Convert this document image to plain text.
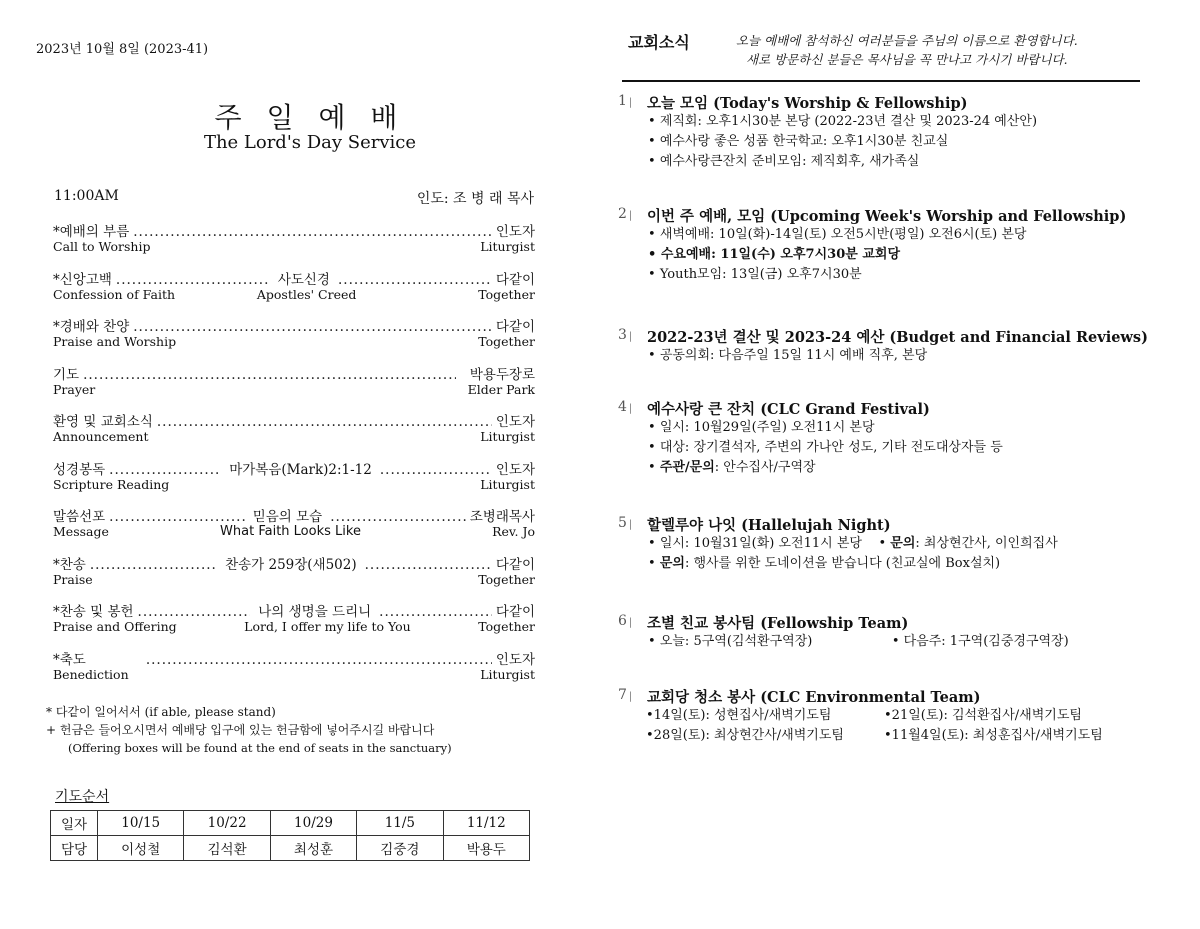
2023년 10월 8일 (2023-41)
주 일 예 배
The Lord's Day Service
11:00AM	인도: 조 병 래 목사
*예배의 부름 .....	인도자
Call to Worship	Liturgist
*신앙고백 .....	사도신경 .....	다같이
Confession of Faith	Apostles' Creed	Together
*경배와 찬양 .....	다같이
Praise and Worship	Together
기도 .....	박용두장로
Prayer	Elder Park
환영 및 교회소식 .....	인도자
Announcement	Liturgist
성경봉독 .....	마가복음(Mark)2:1-12 .....	인도자
Scripture Reading	Liturgist
말씀선포 .....	믿음의 모습 .....	조병래목사
Message	What Faith Looks Like	Rev. Jo
*찬송 .....	찬송가 259장(새502) .....	다같이
Praise	Together
*찬송 및 봉헌 .....	나의 생명을 드리니 .....	다같이
Praise and Offering	Lord, I offer my life to You	Together
*축도 .....	인도자
Benediction	Liturgist
* 다같이 일어서서 (if able, please stand)
+ 헌금은 들어오시면서 예배당 입구에 있는 헌금함에 넣어주시길 바랍니다
(Offering boxes will be found at the end of seats in the sanctuary)
기도순서
일자	10/15	10/22	10/29	11/5	11/12
담당	이성철	김석환	최성훈	김중경	박용두
교회소식	오늘 예배에 참석하신 여러분들을 주님의 이름으로 환영합니다.
새로 방문하신 분들은 목사님을 꼭 만나고 가시기 바랍니다.
1 |	오늘 모임 (Today's Worship & Fellowship)
• 제직회: 오후1시30분 본당 (2022-23년 결산 및 2023-24 예산안)
• 예수사랑 좋은 성품 한국학교: 오후1시30분 친교실
• 예수사랑큰잔치 준비모임: 제직회후, 새가족실
2 |	이번 주 예배, 모임 (Upcoming Week's Worship and Fellowship)
• 새벽예배: 10일(화)-14일(토) 오전5시반(평일) 오전6시(토) 본당
• 수요예배: 11일(수) 오후7시30분 교회당
• Youth모임: 13일(금) 오후7시30분
3 |	2022-23년 결산 및 2023-24 예산 (Budget and Financial Reviews)
• 공동의회: 다음주일 15일 11시 예배 직후, 본당
4 |	예수사랑 큰 잔치 (CLC Grand Festival)
• 일시: 10월29일(주일) 오전11시 본당
• 대상: 장기결석자, 주변의 가나안 성도, 기타 전도대상자들 등
• 주관/문의: 안수집사/구역장
5 |	할렐루야 나잇 (Hallelujah Night)
• 일시: 10월31일(화) 오전11시 본당    • 문의: 최상현간사, 이인희집사
• 문의: 행사를 위한 도네이션을 받습니다 (친교실에 Box설치)
6 |	조별 친교 봉사팀 (Fellowship Team)
• 오늘: 5구역(김석환구역장)	• 다음주: 1구역(김중경구역장)
7 |	교회당 청소 봉사 (CLC Environmental Team)
•14일(토): 성현집사/새벽기도팀	•21일(토): 김석환집사/새벽기도팀
•28일(토): 최상현간사/새벽기도팀	•11월4일(토): 최성훈집사/새벽기도팀
